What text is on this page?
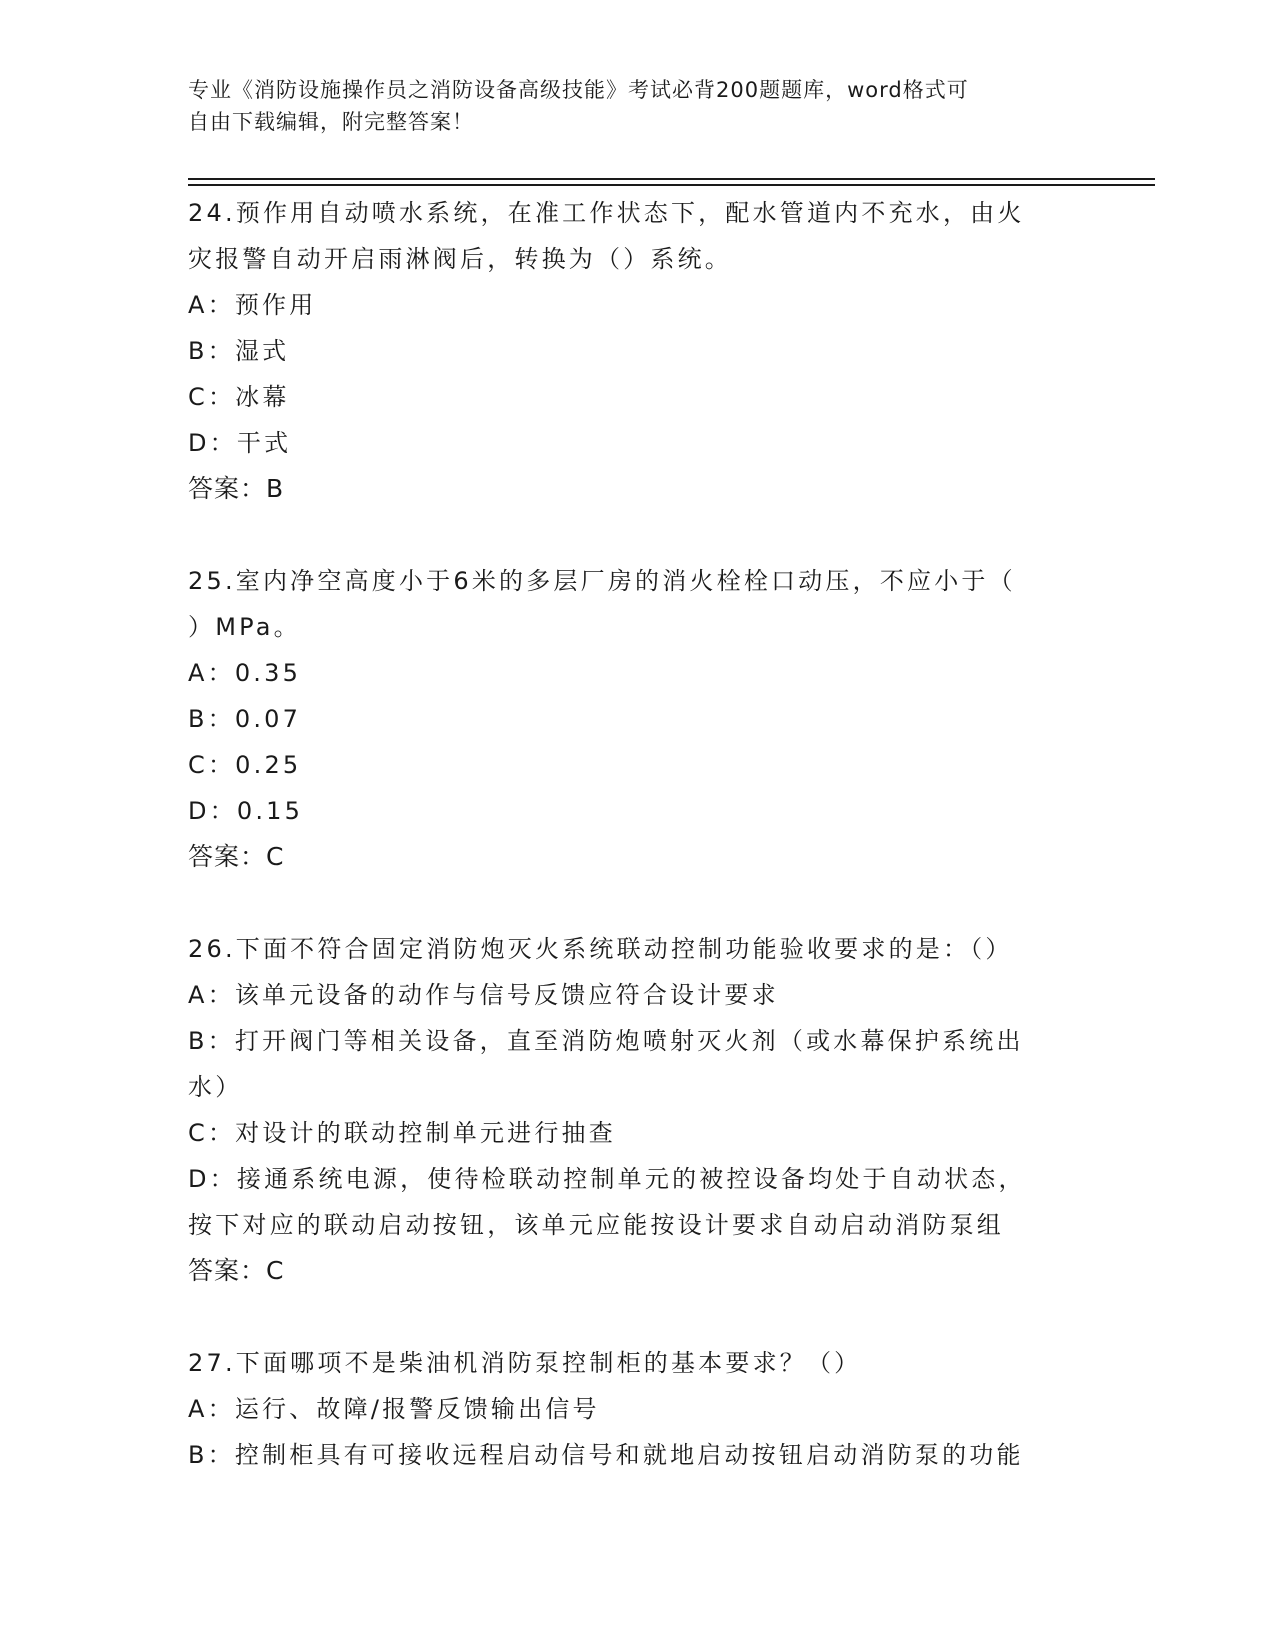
专业《消防设施操作员之消防设备高级技能》考试必背200题题库，word格式可
自由下载编辑，附完整答案！

24.预作用自动喷水系统，在准工作状态下，配水管道内不充水，由火

灾报警自动开启雨淋阀后，转换为（）系统。

A：预作用

B：湿式

C：冰幕

D：干式

答案：B

25.室内净空高度小于6米的多层厂房的消火栓栓口动压，不应小于（

）MPa。

A：0.35

B：0.07

C：0.25

D：0.15

答案：C

26.下面不符合固定消防炮灭火系统联动控制功能验收要求的是：（）

A：该单元设备的动作与信号反馈应符合设计要求

B：打开阀门等相关设备，直至消防炮喷射灭火剂（或水幕保护系统出

水）

C：对设计的联动控制单元进行抽查

D：接通系统电源，使待检联动控制单元的被控设备均处于自动状态，

按下对应的联动启动按钮，该单元应能按设计要求自动启动消防泵组

答案：C

27.下面哪项不是柴油机消防泵控制柜的基本要求？（）

A：运行、故障/报警反馈输出信号

B：控制柜具有可接收远程启动信号和就地启动按钮启动消防泵的功能
